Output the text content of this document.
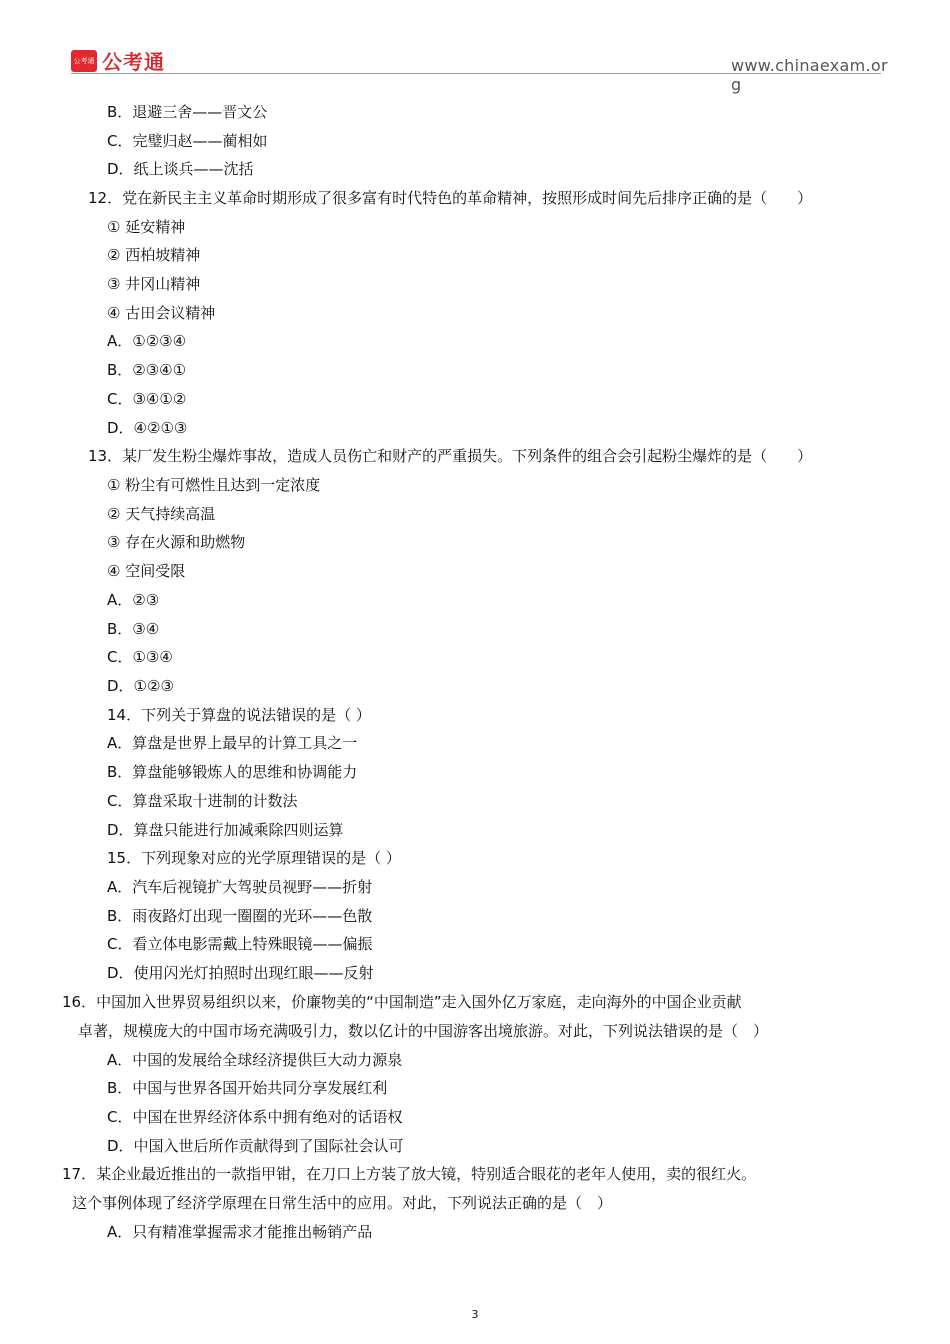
公考通 公考通	www.chinaexam.org
B．退避三舍——晋文公
C．完璧归赵——蔺相如
D．纸上谈兵——沈括
12．党在新民主主义革命时期形成了很多富有时代特色的革命精神，按照形成时间先后排序正确的是（　　）
① 延安精神
② 西柏坡精神
③ 井冈山精神
④ 古田会议精神
A．①②③④
B．②③④①
C．③④①②
D．④②①③
13．某厂发生粉尘爆炸事故，造成人员伤亡和财产的严重损失。下列条件的组合会引起粉尘爆炸的是（　　）
① 粉尘有可燃性且达到一定浓度
② 天气持续高温
③ 存在火源和助燃物
④ 空间受限
A．②③
B．③④
C．①③④
D．①②③
14．下列关于算盘的说法错误的是（ ）
A．算盘是世界上最早的计算工具之一
B．算盘能够锻炼人的思维和协调能力
C．算盘采取十进制的计数法
D．算盘只能进行加减乘除四则运算
15．下列现象对应的光学原理错误的是（ ）
A．汽车后视镜扩大驾驶员视野——折射
B．雨夜路灯出现一圈圈的光环——色散
C．看立体电影需戴上特殊眼镜——偏振
D．使用闪光灯拍照时出现红眼——反射
16．中国加入世界贸易组织以来，价廉物美的“中国制造”走入国外亿万家庭，走向海外的中国企业贡献
卓著，规模庞大的中国市场充满吸引力，数以亿计的中国游客出境旅游。对此，下列说法错误的是（　）
A．中国的发展给全球经济提供巨大动力源泉
B．中国与世界各国开始共同分享发展红利
C．中国在世界经济体系中拥有绝对的话语权
D．中国入世后所作贡献得到了国际社会认可
17．某企业最近推出的一款指甲钳，在刀口上方装了放大镜，特别适合眼花的老年人使用，卖的很红火。
这个事例体现了经济学原理在日常生活中的应用。对此，下列说法正确的是（　）
A．只有精准掌握需求才能推出畅销产品
3
